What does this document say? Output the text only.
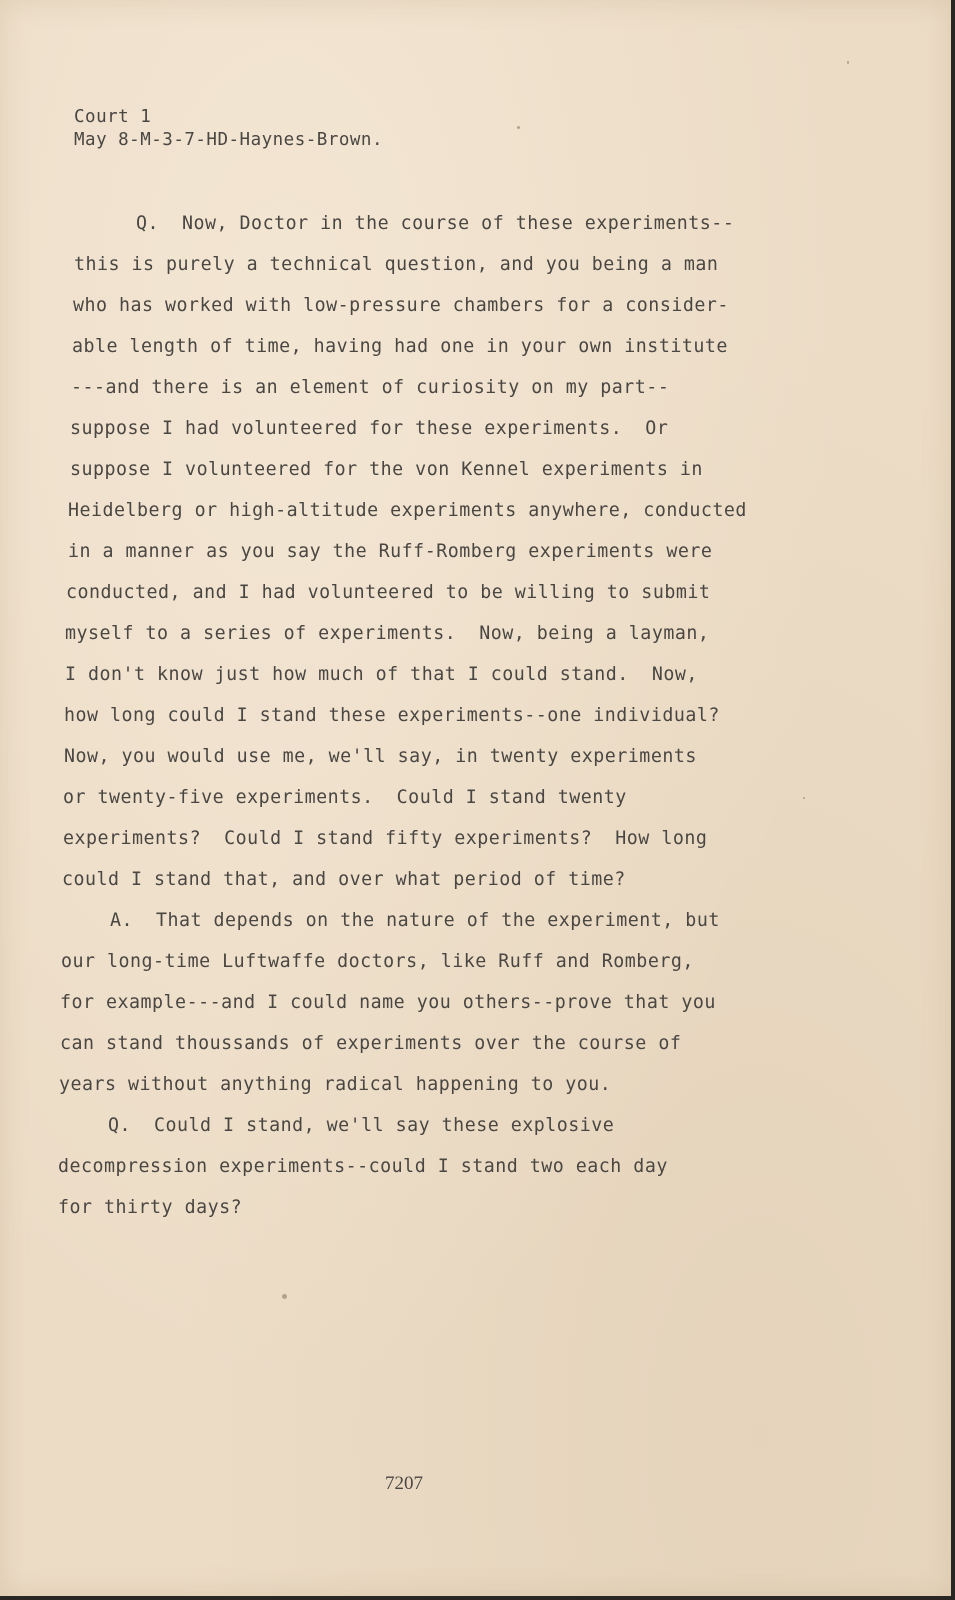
Court 1
May 8-M-3-7-HD-Haynes-Brown.
Q.  Now, Doctor in the course of these experiments--
this is purely a technical question, and you being a man
who has worked with low-pressure chambers for a consider-
able length of time, having had one in your own institute
---and there is an element of curiosity on my part--
suppose I had volunteered for these experiments.  Or
suppose I volunteered for the von Kennel experiments in
Heidelberg or high-altitude experiments anywhere, conducted
in a manner as you say the Ruff-Romberg experiments were
conducted, and I had volunteered to be willing to submit
myself to a series of experiments.  Now, being a layman,
I don't know just how much of that I could stand.  Now,
how long could I stand these experiments--one individual?
Now, you would use me, we'll say, in twenty experiments
or twenty-five experiments.  Could I stand twenty
experiments?  Could I stand fifty experiments?  How long
could I stand that, and over what period of time?
A.  That depends on the nature of the experiment, but
our long-time Luftwaffe doctors, like Ruff and Romberg,
for example---and I could name you others--prove that you
can stand thoussands of experiments over the course of
years without anything radical happening to you.
Q.  Could I stand, we'll say these explosive
decompression experiments--could I stand two each day
for thirty days?
7207
